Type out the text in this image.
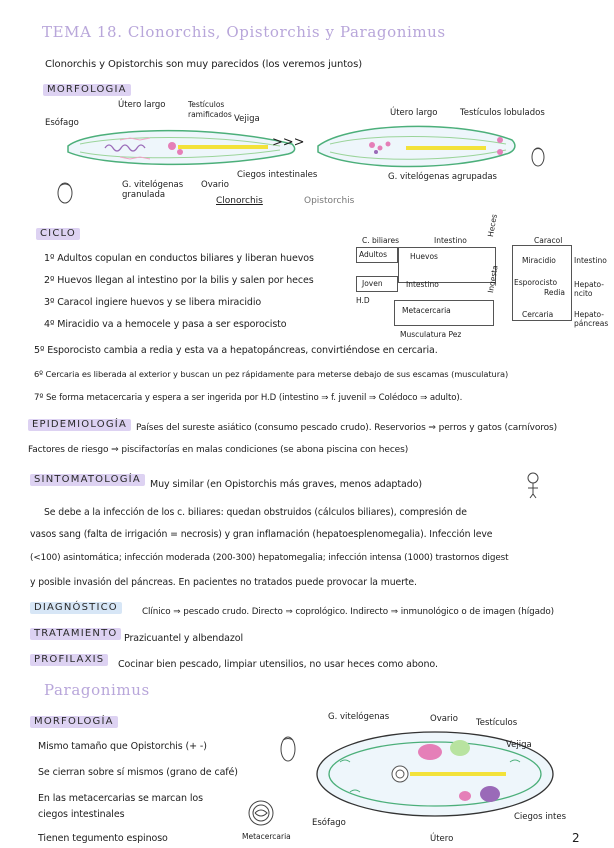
TEMA 18. Clonorchis, Opistorchis y Paragonimus
Clonorchis y Opistorchis son muy parecidos (los veremos juntos)
MORFOLOGIA
Esófago
Útero largo	Testículos ramificados Vejiga
G. vitelógenas granulada
Ovario
Ciegos intestinales
Clonorchis
>>>
Útero largo	Testículos lobulados
G. vitelógenas agrupadas
Opistorchis
CICLO
1º Adultos copulan en conductos biliares y liberan huevos
2º Huevos llegan al intestino por la bilis y salen por heces
3º Caracol ingiere huevos y se libera miracidio
4º Miracidio va a hemocele y pasa a ser esporocisto
5º Esporocisto cambia a redia y esta va a hepatopáncreas, convirtiéndose en cercaria.
6º Cercaria es liberada al exterior y buscan un pez rápidamente para meterse debajo de sus escamas (musculatura)
7º Se forma metacercaria y espera a ser ingerida por H.D (intestino ⇒ f. juvenil ⇒ Colédoco ⇒ adulto).
C. biliares	Intestino
Heces
Caracol
Adultos	Huevos	Miracidio
Esporocisto
Redia
Cercaria
Intestino
Hepato-ncito
Hepato-páncreas
Joven	Intestino
H.D
Ingesta
Metacercaria
Musculatura Pez
EPIDEMIOLOGÍA	Países del sureste asiático (consumo pescado crudo). Reservorios ⇒ perros y gatos (carnívoros)
Factores de riesgo ⇒ piscifactorías en malas condiciones (se abona piscina con heces)
SINTOMATOLOGÍA Muy similar (en Opistorchis más graves, menos adaptado)
Se debe a la infección de los c. biliares: quedan obstruidos (cálculos biliares), compresión de
vasos sang (falta de irrigación = necrosis) y gran inflamación (hepatoesplenomegalia). Infección leve
(<100) asintomática; infección moderada (200-300) hepatomegalia; infección intensa (1000) trastornos digest
y posible invasión del páncreas. En pacientes no tratados puede provocar la muerte.
DIAGNÓSTICO	Clínico ⇒ pescado crudo. Directo ⇒ coprológico. Indirecto ⇒ inmunológico o de imagen (hígado)
TRATAMIENTO Prazicuantel y albendazol
PROFILAXIS	Cocinar bien pescado, limpiar utensilios, no usar heces como abono.
Paragonimus
MORFOLOGÍA
Mismo tamaño que Opistorchis (+ -)
Se cierran sobre sí mismos (grano de café)
En las metacercarias se marcan los
ciegos intestinales
Tienen tegumento espinoso	Metacercaria
G. vitelógenas	Ovario Testículos
Vejiga
Esófago
Útero
Ciegos intes
2
